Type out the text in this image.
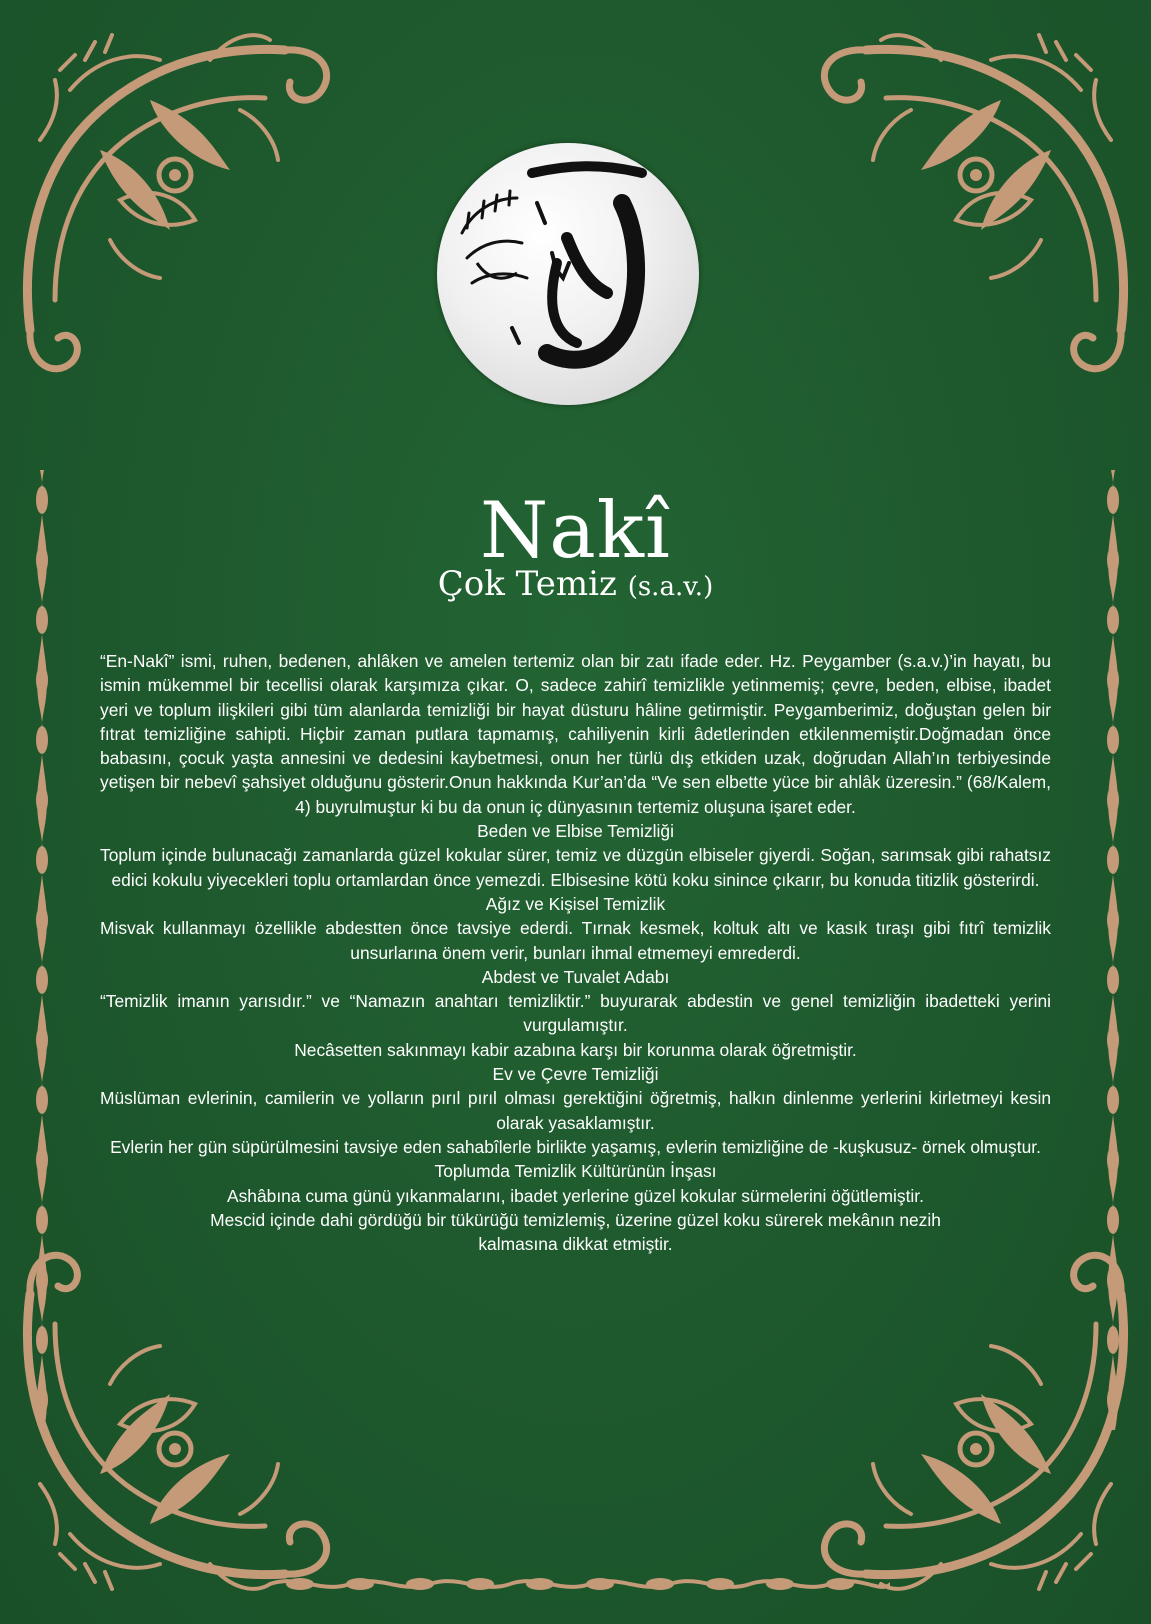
Nakî
Çok Temiz (s.a.v.)

“En-Nakî” ismi, ruhen, bedenen, ahlâken ve amelen tertemiz olan bir zatı ifade eder. Hz. Peygamber (s.a.v.)’in hayatı, bu ismin mükemmel bir tecellisi olarak karşımıza çıkar. O, sadece zahirî temizlikle yetinmemiş; çevre, beden, elbise, ibadet yeri ve toplum ilişkileri gibi tüm alanlarda temizliği bir hayat düsturu hâline getirmiştir. Peygamberimiz, doğuştan gelen bir fıtrat temizliğine sahipti. Hiçbir zaman putlara tapmamış, cahiliyenin kirli âdetlerinden etkilenmemiştir.Doğmadan önce babasını, çocuk yaşta annesini ve dedesini kaybetmesi, onun her türlü dış etkiden uzak, doğrudan Allah’ın terbiyesinde yetişen bir nebevî şahsiyet olduğunu gösterir.Onun hakkında Kur’an’da “Ve sen elbette yüce bir ahlâk üzeresin.” (68/Kalem, 4) buyrulmuştur ki bu da onun iç dünyasının tertemiz oluşuna işaret eder.

Beden ve Elbise Temizliği

Toplum içinde bulunacağı zamanlarda güzel kokular sürer, temiz ve düzgün elbiseler giyerdi. Soğan, sarımsak gibi rahatsız edici kokulu yiyecekleri toplu ortamlardan önce yemezdi. Elbisesine kötü koku sinince çıkarır, bu konuda titizlik gösterirdi.

Ağız ve Kişisel Temizlik

Misvak kullanmayı özellikle abdestten önce tavsiye ederdi. Tırnak kesmek, koltuk altı ve kasık tıraşı gibi fıtrî temizlik unsurlarına önem verir, bunları ihmal etmemeyi emrederdi.

Abdest ve Tuvalet Adabı

“Temizlik imanın yarısıdır.” ve “Namazın anahtarı temizliktir.” buyurarak abdestin ve genel temizliğin ibadetteki yerini vurgulamıştır.

Necâsetten sakınmayı kabir azabına karşı bir korunma olarak öğretmiştir.

Ev ve Çevre Temizliği

Müslüman evlerinin, camilerin ve yolların pırıl pırıl olması gerektiğini öğretmiş, halkın dinlenme yerlerini kirletmeyi kesin olarak yasaklamıştır.

Evlerin her gün süpürülmesini tavsiye eden sahabîlerle birlikte yaşamış, evlerin temizliğine de -kuşkusuz- örnek olmuştur.

Toplumda Temizlik Kültürünün İnşası

Ashâbına cuma günü yıkanmalarını, ibadet yerlerine güzel kokular sürmelerini öğütlemiştir.

Mescid içinde dahi gördüğü bir tükürüğü temizlemiş, üzerine güzel koku sürerek mekânın nezih kalmasına dikkat etmiştir.
